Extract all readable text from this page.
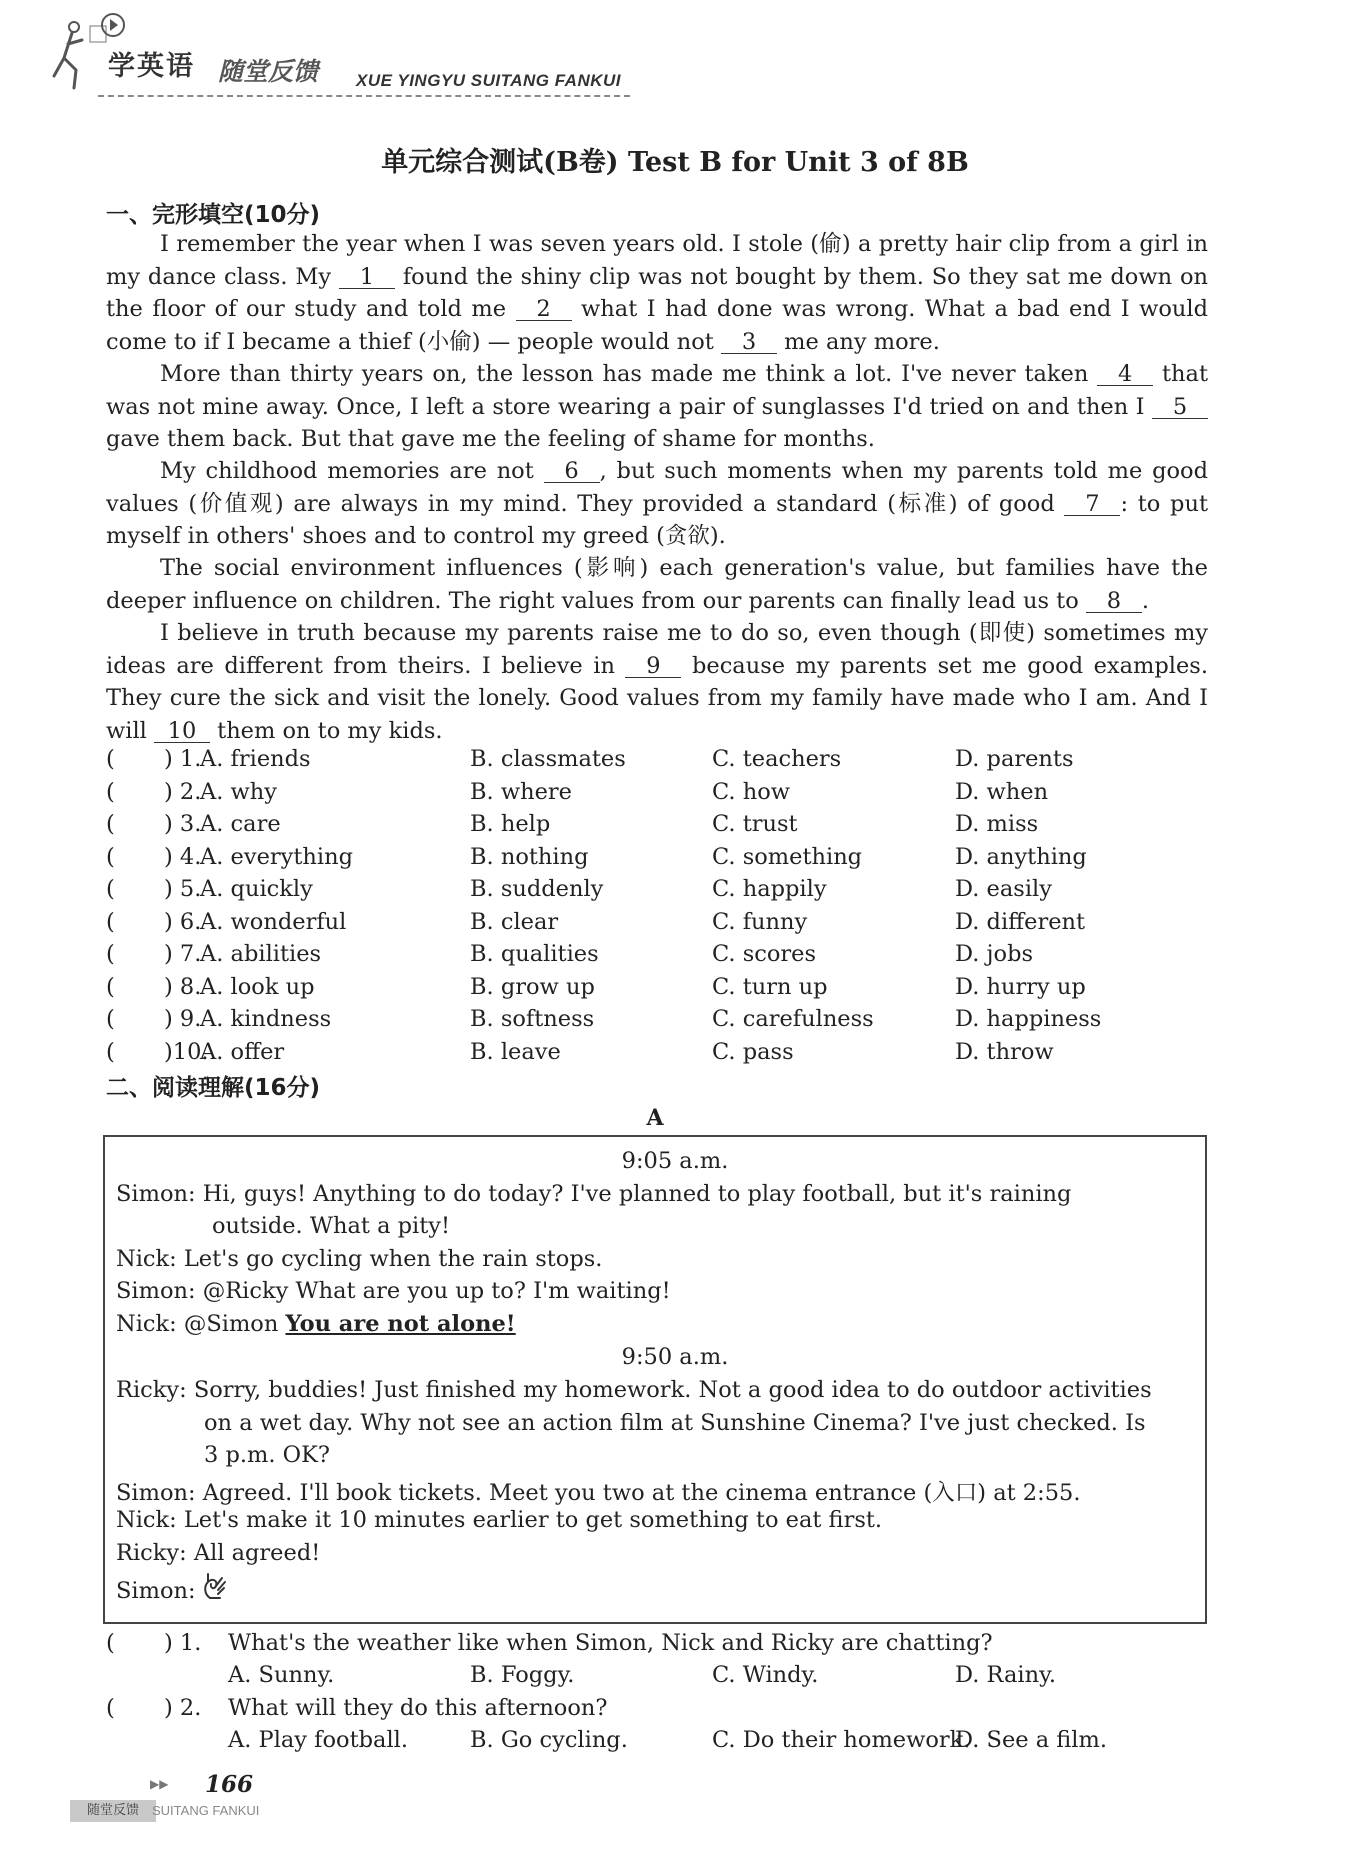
学英语 随堂反馈 XUE YINGYU SUITANG FANKUI
单元综合测试(B卷) Test B for Unit 3 of 8B
一、完形填空(10分)
I remember the year when I was seven years old. I stole (偷) a pretty hair clip from a girl in my dance class. My 1 found the shiny clip was not bought by them. So they sat me down on the floor of our study and told me 2 what I had done was wrong. What a bad end I would come to if I became a thief (小偷) — people would not 3 me any more.
More than thirty years on, the lesson has made me think a lot. I've never taken 4 that was not mine away. Once, I left a store wearing a pair of sunglasses I'd tried on and then I 5 gave them back. But that gave me the feeling of shame for months.
My childhood memories are not 6 , but such moments when my parents told me good values (价值观) are always in my mind. They provided a standard (标准) of good 7 : to put myself in others' shoes and to control my greed (贪欲).
The social environment influences (影响) each generation's value, but families have the deeper influence on children. The right values from our parents can finally lead us to 8 .
I believe in truth because my parents raise me to do so, even though (即使) sometimes my ideas are different from theirs. I believe in 9 because my parents set me good examples. They cure the sick and visit the lonely. Good values from my family have made who I am. And I will 10 them on to my kids.
( ) 1.
A. friends	B. classmates	C. teachers	D. parents
( ) 2.
A. why	B. where	C. how	D. when
( ) 3.
A. care	B. help	C. trust	D. miss
( ) 4.
A. everything	B. nothing	C. something	D. anything
( ) 5.
A. quickly	B. suddenly	C. happily	D. easily
( ) 6.
A. wonderful	B. clear	C. funny	D. different
( ) 7.
A. abilities	B. qualities	C. scores	D. jobs
( ) 8.
A. look up	B. grow up	C. turn up	D. hurry up
( ) 9.
A. kindness	B. softness	C. carefulness	D. happiness
( )10.
A. offer	B. leave	C. pass	D. throw
二、阅读理解(16分)
A
9:05 a.m.
Simon: Hi, guys! Anything to do today? I've planned to play football, but it's raining
outside. What a pity!
Nick: Let's go cycling when the rain stops.
Simon: @Ricky What are you up to? I'm waiting!
Nick: @Simon You are not alone!
9:50 a.m.
Ricky: Sorry, buddies! Just finished my homework. Not a good idea to do outdoor activities
on a wet day. Why not see an action film at Sunshine Cinema? I've just checked. Is
3 p.m. OK?
Simon: Agreed. I'll book tickets. Meet you two at the cinema entrance (入口) at 2:55.
Nick: Let's make it 10 minutes earlier to get something to eat first.
Ricky: All agreed!
Simon:
( ) 1. What's the weather like when Simon, Nick and Ricky are chatting?
A. Sunny.	B. Foggy.	C. Windy.	D. Rainy.
( ) 2. What will they do this afternoon?
A. Play football.	B. Go cycling.	C. Do their homework.
D. See a film.
▶▶ 166
随堂反馈	SUITANG FANKUI
